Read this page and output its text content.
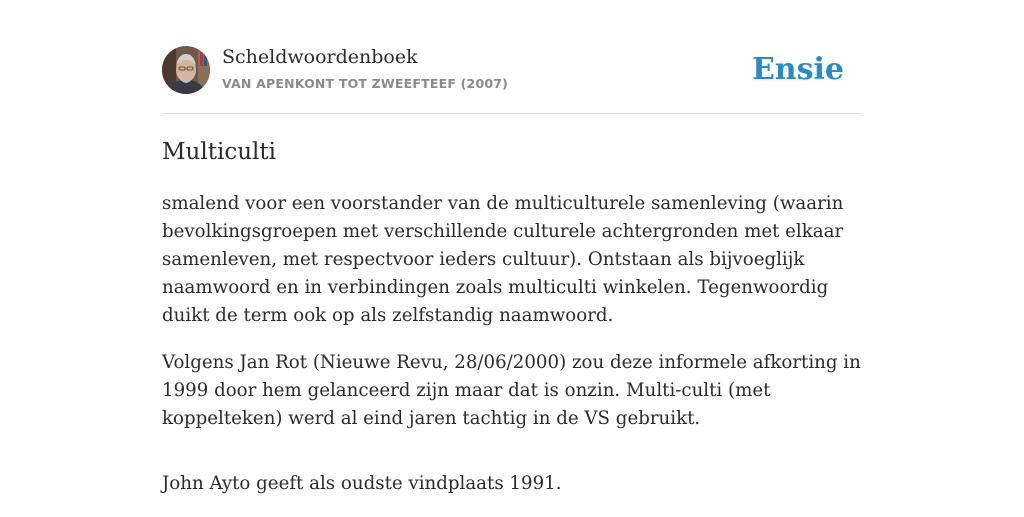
Scheldwoordenboek
VAN APENKONT TOT ZWEEFTEEF (2007)	Ensie
Multiculti

smalend voor een voorstander van de multiculturele samenleving (waarin bevolkingsgroepen met verschillende culturele achtergronden met elkaar samenleven, met respectvoor ieders cultuur). Ontstaan als bijvoeglijk naamwoord en in verbindingen zoals multiculti winkelen. Tegenwoordig duikt de term ook op als zelfstandig naamwoord.

Volgens Jan Rot (Nieuwe Revu, 28/06/2000) zou deze informele afkorting in 1999 door hem gelanceerd zijn maar dat is onzin. Multi-culti (met koppelteken) werd al eind jaren tachtig in de VS gebruikt.

John Ayto geeft als oudste vindplaats 1991.
